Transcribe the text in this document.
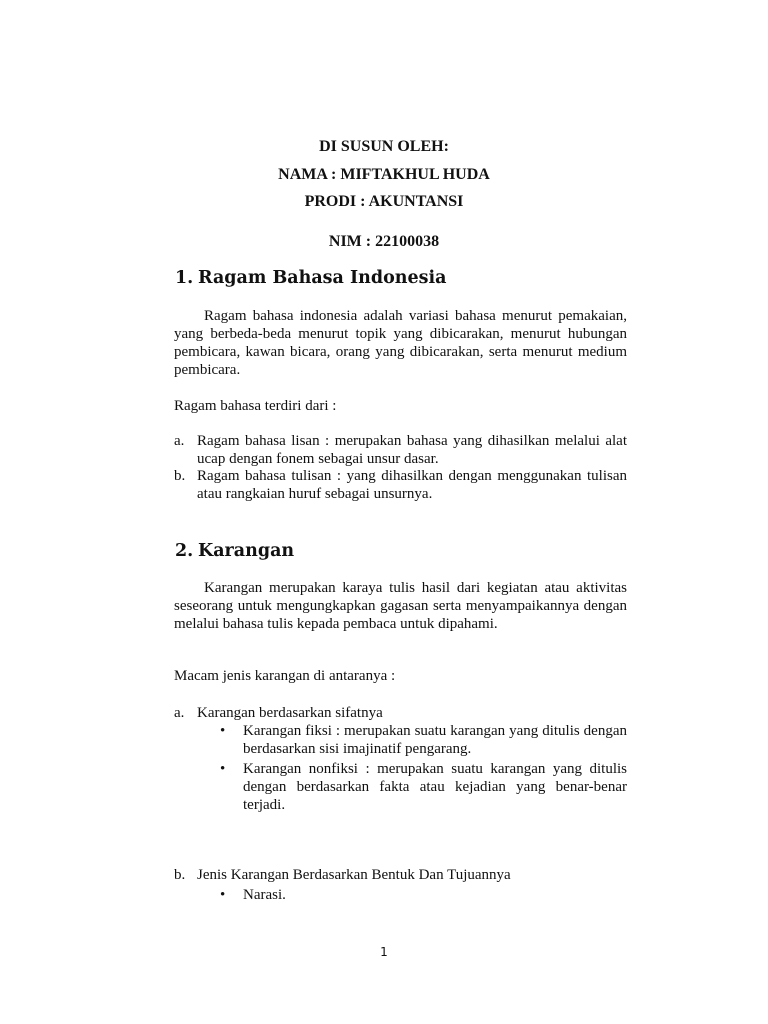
DI SUSUN OLEH:
NAMA : MIFTAKHUL HUDA
PRODI : AKUNTANSI
NIM : 22100038
1. Ragam Bahasa Indonesia
Ragam bahasa indonesia adalah variasi bahasa menurut pemakaian, yang berbeda-beda menurut topik yang dibicarakan, menurut hubungan pembicara, kawan bicara, orang yang dibicarakan, serta menurut medium pembicara.
Ragam bahasa terdiri dari :
a. Ragam bahasa lisan : merupakan bahasa yang dihasilkan melalui alat ucap dengan fonem sebagai unsur dasar.
b. Ragam bahasa tulisan : yang dihasilkan dengan menggunakan tulisan atau rangkaian huruf sebagai unsurnya.
2. Karangan
Karangan merupakan karaya tulis hasil dari kegiatan atau aktivitas seseorang untuk mengungkapkan gagasan serta menyampaikannya dengan melalui bahasa tulis kepada pembaca untuk dipahami.
Macam jenis karangan di antaranya :
a. Karangan berdasarkan sifatnya
• Karangan fiksi : merupakan suatu karangan yang ditulis dengan berdasarkan sisi imajinatif pengarang.
• Karangan nonfiksi : merupakan suatu karangan yang ditulis dengan berdasarkan fakta atau kejadian yang benar-benar terjadi.
b. Jenis Karangan Berdasarkan Bentuk Dan Tujuannya
• Narasi.
1
